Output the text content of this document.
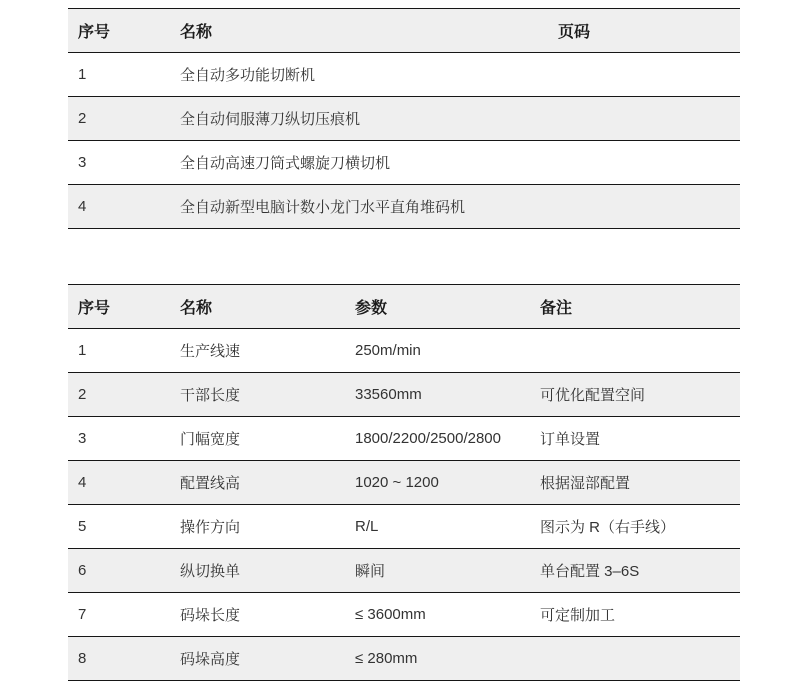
序号	名称	页码
1	全自动多功能切断机	
2	全自动伺服薄刀纵切压痕机	
3	全自动高速刀筒式螺旋刀横切机	
4	全自动新型电脑计数小龙门水平直角堆码机	
序号	名称	参数	备注
1	生产线速	250m/min	
2	干部长度	33560mm	可优化配置空间
3	门幅宽度	1800/2200/2500/2800	订单设置
4	配置线高	1020 ~ 1200	根据湿部配置
5	操作方向	R/L	图示为 R（右手线）
6	纵切换单	瞬间	单台配置 3–6S
7	码垛长度	≤ 3600mm	可定制加工
8	码垛高度	≤ 280mm	
